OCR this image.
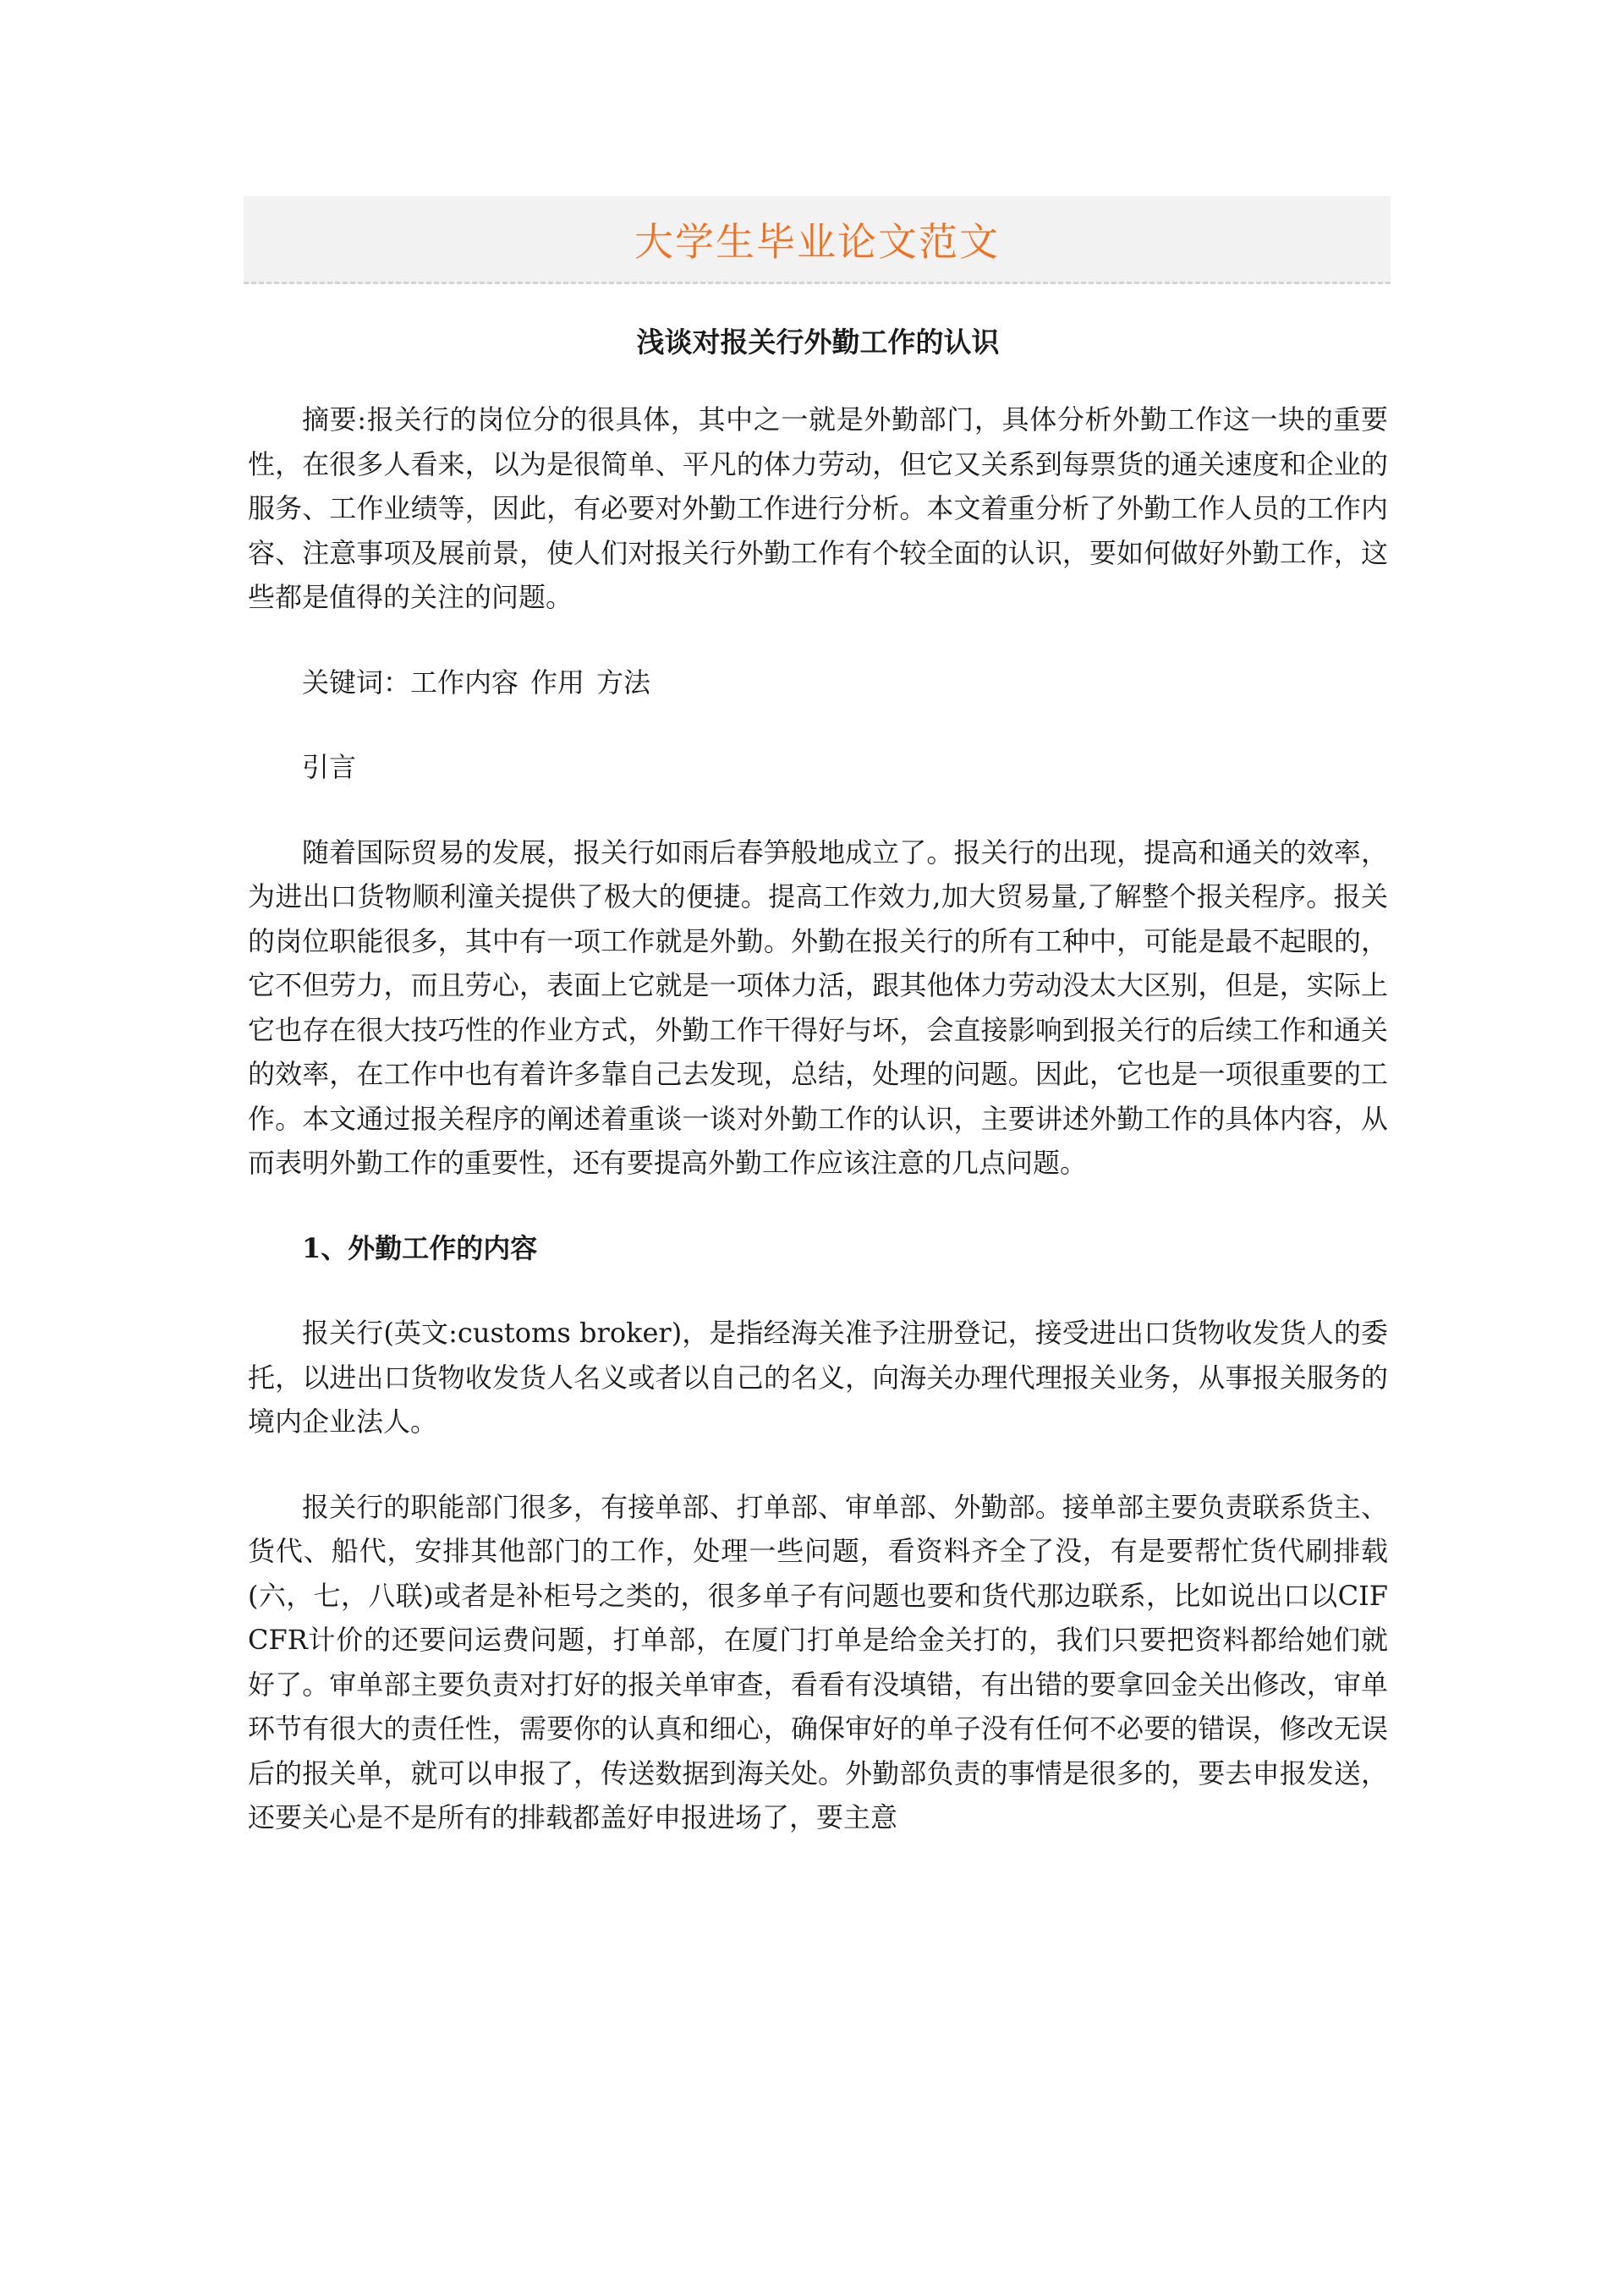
大学生毕业论文范文
浅谈对报关行外勤工作的认识

摘要:报关行的岗位分的很具体，其中之一就是外勤部门，具体分析外勤工作这一块的重要性，在很多人看来，以为是很简单、平凡的体力劳动，但它又关系到每票货的通关速度和企业的服务、工作业绩等，因此，有必要对外勤工作进行分析。本文着重分析了外勤工作人员的工作内容、注意事项及展前景，使人们对报关行外勤工作有个较全面的认识，要如何做好外勤工作，这些都是值得的关注的问题。

关键词：工作内容 作用 方法

引言

随着国际贸易的发展，报关行如雨后春笋般地成立了。报关行的出现，提高和通关的效率，为进出口货物顺利潼关提供了极大的便捷。提高工作效力,加大贸易量,了解整个报关程序。报关的岗位职能很多，其中有一项工作就是外勤。外勤在报关行的所有工种中，可能是最不起眼的，它不但劳力，而且劳心，表面上它就是一项体力活，跟其他体力劳动没太大区别，但是，实际上它也存在很大技巧性的作业方式，外勤工作干得好与坏，会直接影响到报关行的后续工作和通关的效率，在工作中也有着许多靠自己去发现，总结，处理的问题。因此，它也是一项很重要的工作。本文通过报关程序的阐述着重谈一谈对外勤工作的认识，主要讲述外勤工作的具体内容，从而表明外勤工作的重要性，还有要提高外勤工作应该注意的几点问题。

1、外勤工作的内容

报关行(英文:customs broker)，是指经海关准予注册登记，接受进出口货物收发货人的委托，以进出口货物收发货人名义或者以自己的名义，向海关办理代理报关业务，从事报关服务的境内企业法人。

报关行的职能部门很多，有接单部、打单部、审单部、外勤部。接单部主要负责联系货主、货代、船代，安排其他部门的工作，处理一些问题，看资料齐全了没，有是要帮忙货代刷排载(六，七，八联)或者是补柜号之类的，很多单子有问题也要和货代那边联系，比如说出口以CIF CFR计价的还要问运费问题，打单部，在厦门打单是给金关打的，我们只要把资料都给她们就好了。审单部主要负责对打好的报关单审查，看看有没填错，有出错的要拿回金关出修改，审单环节有很大的责任性，需要你的认真和细心，确保审好的单子没有任何不必要的错误，修改无误后的报关单，就可以申报了，传送数据到海关处。外勤部负责的事情是很多的，要去申报发送，还要关心是不是所有的排载都盖好申报进场了，要主意
